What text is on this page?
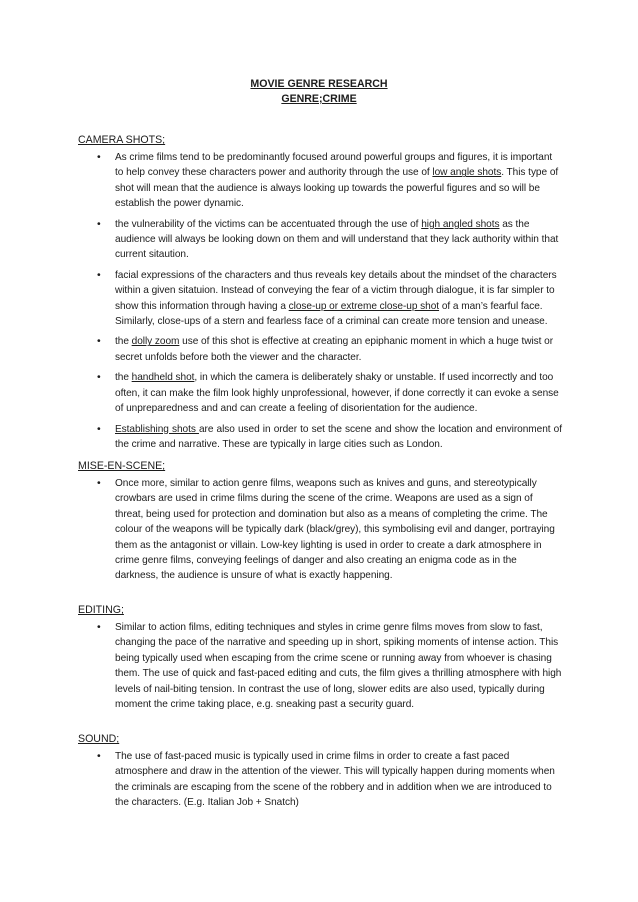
MOVIE GENRE RESEARCH
GENRE;CRIME
CAMERA SHOTS;
• As crime films tend to be predominantly focused around powerful groups and figures, it is important to help convey these characters power and authority through the use of low angle shots. This type of shot will mean that the audience is always looking up towards the powerful figures and so will be establish the power dynamic.
• the vulnerability of the victims can be accentuated through the use of high angled shots as the audience will always be looking down on them and will understand that they lack authority within that current sitaution.
• facial expressions of the characters and thus reveals key details about the mindset of the characters within a given sitatuion. Instead of conveying the fear of a victim through dialogue, it is far simpler to show this information through having a close-up or extreme close-up shot of a man’s fearful face. Similarly, close-ups of a stern and fearless face of a criminal can create more tension and unease.
• the dolly zoom use of this shot is effective at creating an epiphanic moment in which a huge twist or secret unfolds before both the viewer and the character.
• the handheld shot, in which the camera is deliberately shaky or unstable. If used incorrectly and too often, it can make the film look highly unprofessional, however, if done correctly it can evoke a sense of unpreparedness and and can create a feeling of disorientation for the audience.
• Establishing shots are also used in order to set the scene and show the location and environment of the crime and narrative. These are typically in large cities such as London.
MISE-EN-SCENE;
• Once more, similar to action genre films, weapons such as knives and guns, and stereotypically crowbars are used in crime films during the scene of the crime. Weapons are used as a sign of threat, being used for protection and domination but also as a means of completing the crime. The colour of the weapons will be typically dark (black/grey), this symbolising evil and danger, portraying them as the antagonist or villain. Low-key lighting is used in order to create a dark atmosphere in crime genre films, conveying feelings of danger and also creating an enigma code as in the darkness, the audience is unsure of what is exactly happening.
EDITING;
• Similar to action films, editing techniques and styles in crime genre films moves from slow to fast, changing the pace of the narrative and speeding up in short, spiking moments of intense action. This being typically used when escaping from the crime scene or running away from whoever is chasing them. The use of quick and fast-paced editing and cuts, the film gives a thrilling atmosphere with high levels of nail-biting tension. In contrast the use of long, slower edits are also used, typically during moment the crime taking place, e.g. sneaking past a security guard.
SOUND;
• The use of fast-paced music is typically used in crime films in order to create a fast paced atmosphere and draw in the attention of the viewer. This will typically happen during moments when the criminals are escaping from the scene of the robbery and in addition when we are introduced to the characters. (E.g. Italian Job + Snatch)
